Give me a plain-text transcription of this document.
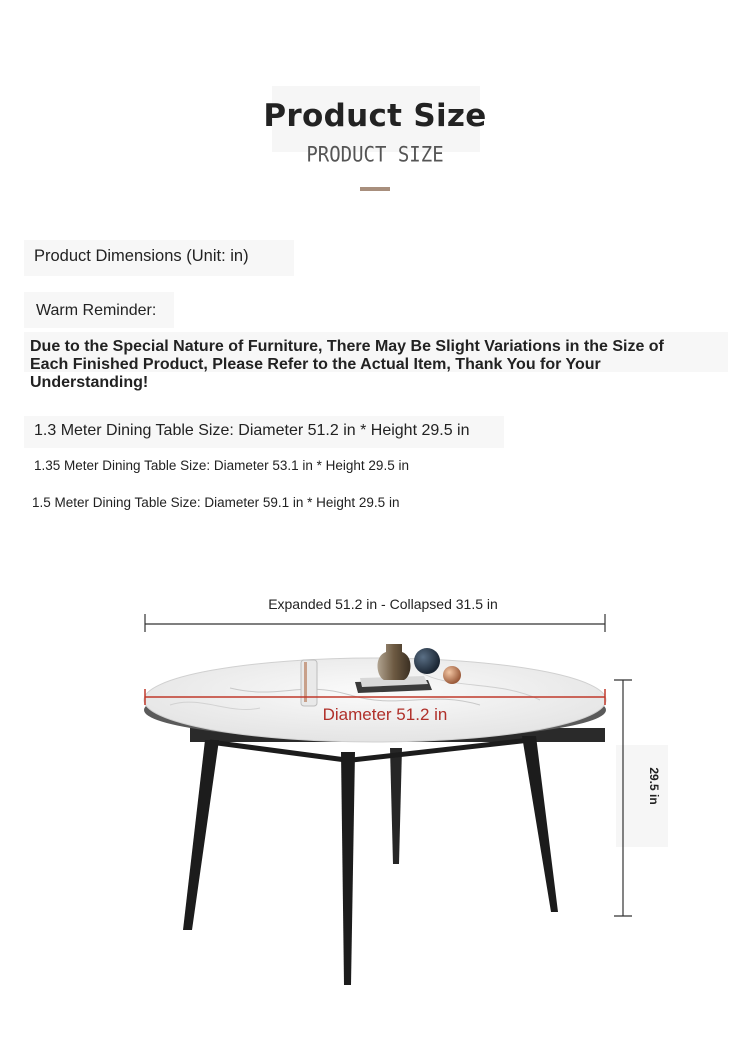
Product Size
PRODUCT SIZE
Product Dimensions (Unit: in)
Warm Reminder:
Due to the Special Nature of Furniture, There May Be Slight Variations in the Size of Each Finished Product, Please Refer to the Actual Item, Thank You for Your Understanding!
1.3 Meter Dining Table Size: Diameter 51.2 in * Height 29.5 in
1.35 Meter Dining Table Size: Diameter 53.1 in * Height 29.5 in
1.5 Meter Dining Table Size: Diameter 59.1 in * Height 29.5 in
Expanded 51.2 in - Collapsed 31.5 in
Diameter 51.2 in
29.5 in
